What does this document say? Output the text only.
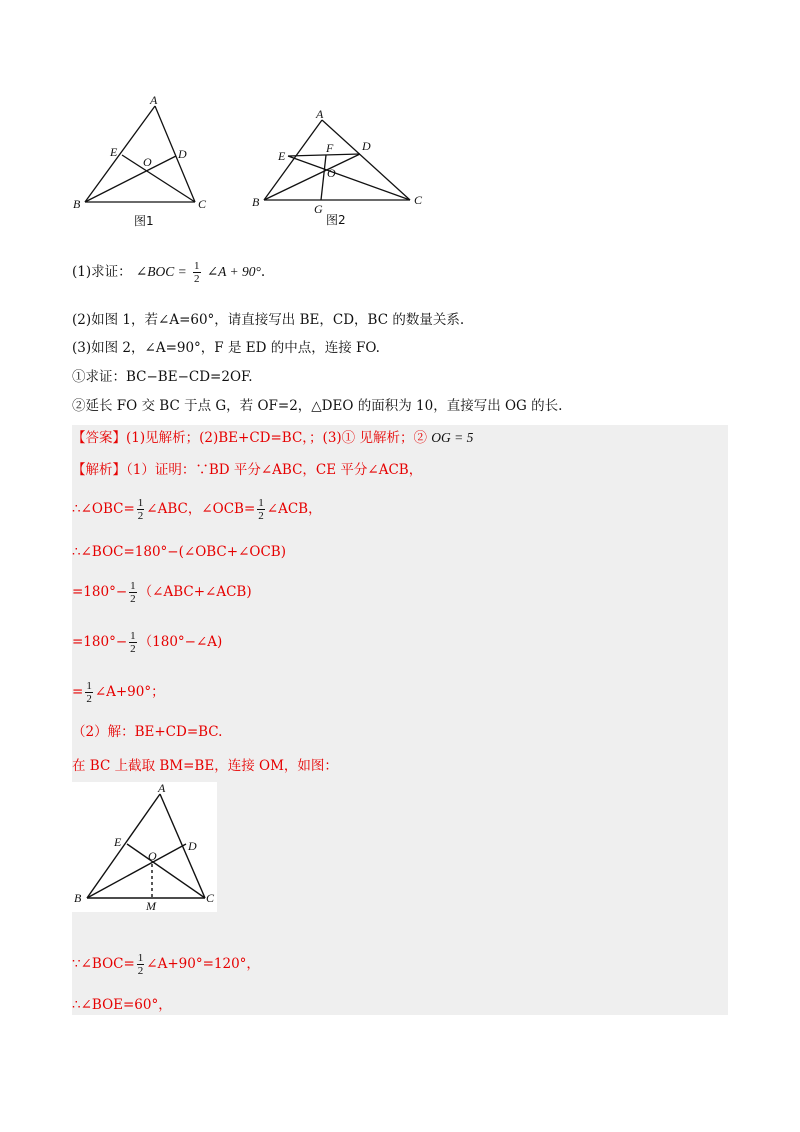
A
E	D
O
B	C
图1
A
D
F
E
O
B	G
C
图2
(1)求证： ∠BOC = $\frac{1}{2}$ ∠A + 90°.
(2)如图 1，若∠A=60°，请直接写出 BE，CD，BC 的数量关系.
(3)如图 2，∠A=90°，F 是 ED 的中点，连接 FO.
①求证：BC−BE−CD=2OF.
②延长 FO 交 BC 于点 G，若 OF=2，△DEO 的面积为 10，直接写出 OG 的长.
【答案】(1)见解析；(2)BE+CD=BC，；(3)① 见解析；② OG = 5
【解析】（1）证明：∵BD 平分∠ABC，CE 平分∠ACB，
∴∠OBC= $\frac{1}{2}$ ∠ABC，∠OCB= $\frac{1}{2}$ ∠ACB，
∴∠BOC=180°−(∠OBC+∠OCB)
$=180^\circ- \frac{1}{2}$ （∠ABC+∠ACB)
$=180^\circ- \frac{1}{2}$ （180°−∠A)
= $\frac{1}{2}$ ∠A+90°；
（2）解：BE+CD=BC.
在 BC 上截取 BM=BE，连接 OM，如图：
A
E	D
O
B
M
C
∵∠BOC= $\frac{1}{2}$ ∠A+90°=120°，
∴∠BOE=60°，
